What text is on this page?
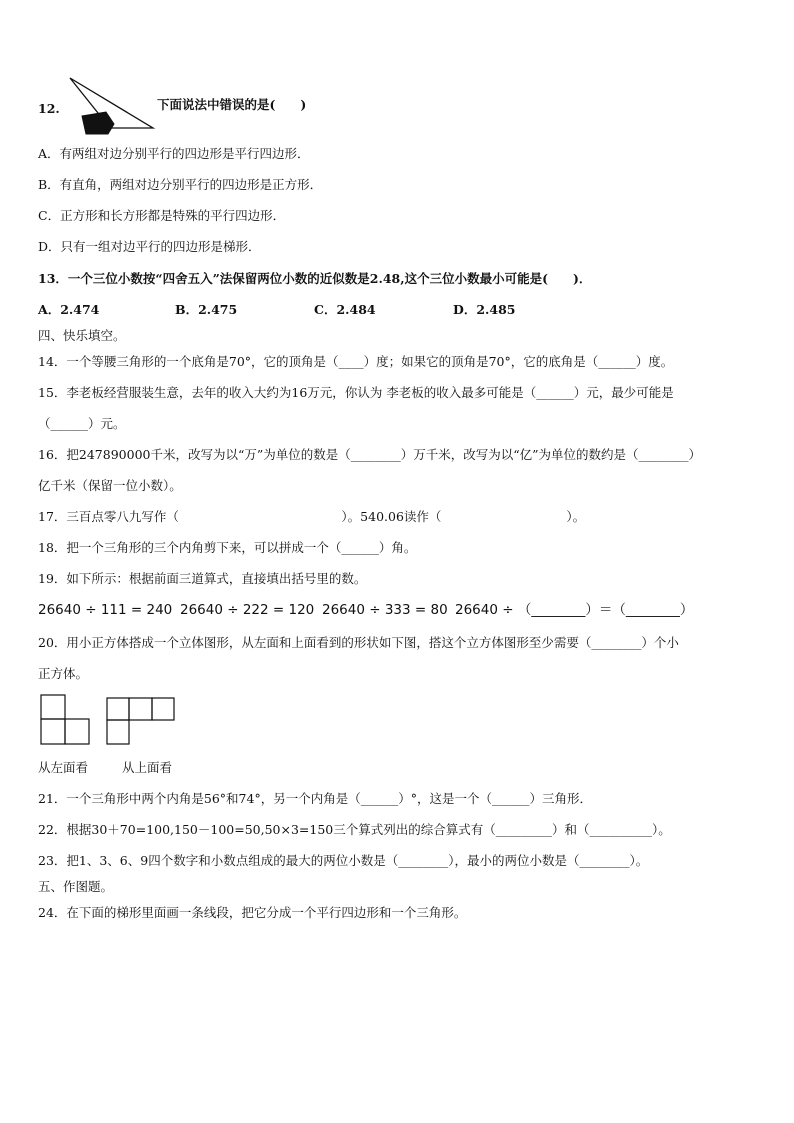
12.	下面说法中错误的是(　　)
A．有两组对边分别平行的四边形是平行四边形．
B．有直角，两组对边分别平行的四边形是正方形．
C．正方形和长方形都是特殊的平行四边形．
D．只有一组对边平行的四边形是梯形．
13．一个三位小数按“四舍五入”法保留两位小数的近似数是2.48,这个三位小数最小可能是(　　)．
A．2.474	B．2.475	C．2.484	D．2.485
四、快乐填空。
14．一个等腰三角形的一个底角是70°，它的顶角是（____）度；如果它的顶角是70°，它的底角是（______）度。
15．李老板经营服装生意，去年的收入大约为16万元，你认为 李老板的收入最多可能是（______）元，最少可能是
（______）元。
16．把247890000千米，改写为以“万”为单位的数是（________）万千米，改写为以“亿”为单位的数约是（________）
亿千米（保留一位小数）。
17．三百点零八九写作（　　　　　　　　　　　　　）。540.06读作（　　　　　　　　　　）。
18．把一个三角形的三个内角剪下来，可以拼成一个（______）角。
19．如下所示：根据前面三道算式，直接填出括号里的数。
26640 ÷ 111 = 240 26640 ÷ 222 = 120 26640 ÷ 333 = 80 26640 ÷ （________）＝（________）
20．用小正方体搭成一个立体图形，从左面和上面看到的形状如下图，搭这个立方体图形至少需要（________）个小
正方体。
从左面看	从上面看
21．一个三角形中两个内角是56°和74°，另一个内角是（______）°，这是一个（______）三角形．
22．根据30＋70=100,150－100=50,50×3=150三个算式列出的综合算式有（_________）和（__________）。
23．把1、3、6、9四个数字和小数点组成的最大的两位小数是（________），最小的两位小数是（________）。
五、作图题。
24．在下面的梯形里面画一条线段，把它分成一个平行四边形和一个三角形。
